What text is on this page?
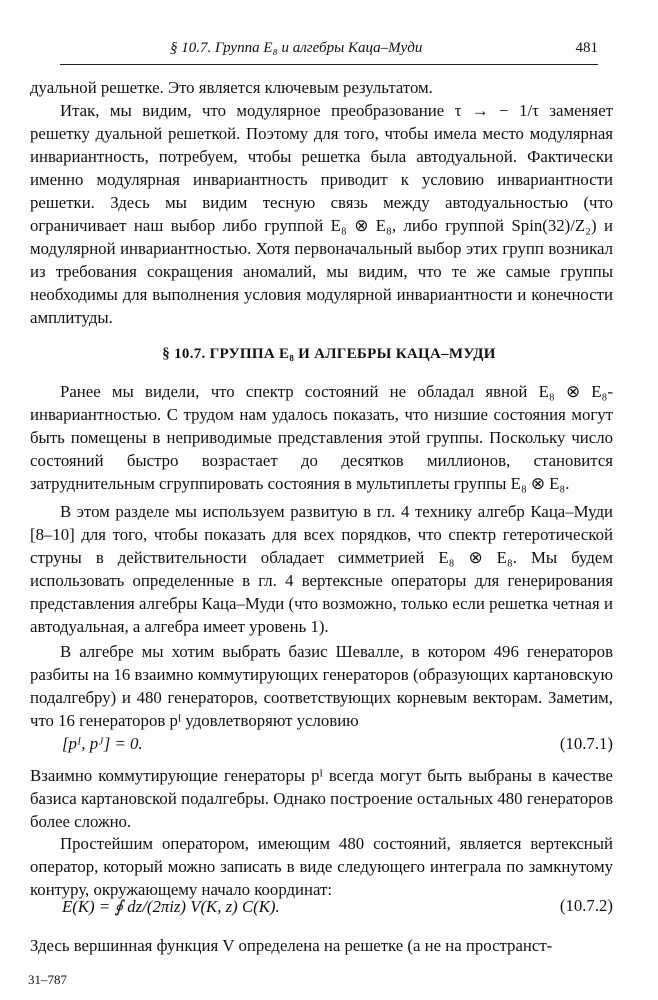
§ 10.7. Группа E₈ и алгебры Каца–Муди	481

дуальной решетке. Это является ключевым результатом.

Итак, мы видим, что модулярное преобразование τ → − 1/τ заменяет решетку дуальной решеткой. Поэтому для того, чтобы имела место модулярная инвариантность, потребуем, чтобы решетка была автодуальной. Фактически именно модулярная инвариантность приводит к условию инвариантности решетки. Здесь мы видим тесную связь между автодуальностью (что ограничивает наш выбор либо группой E₈ ⊗ E₈, либо группой Spin(32)/Z₂) и модулярной инвариантностью. Хотя первоначальный выбор этих групп возникал из требования сокращения аномалий, мы видим, что те же самые группы необходимы для выполнения условия модулярной инвариантности и конечности амплитуды.

§ 10.7. ГРУППА E₈ И АЛГЕБРЫ КАЦА–МУДИ

Ранее мы видели, что спектр состояний не обладал явной E₈ ⊗ E₈-инвариантностью. С трудом нам удалось показать, что низшие состояния могут быть помещены в неприводимые представления этой группы. Поскольку число состояний быстро возрастает до десятков миллионов, становится затруднительным сгруппировать состояния в мультиплеты группы E₈ ⊗ E₈.

В этом разделе мы используем развитую в гл. 4 технику алгебр Каца–Муди [8–10] для того, чтобы показать для всех порядков, что спектр гетеротической струны в действительности обладает симметрией E₈ ⊗ E₈. Мы будем использовать определенные в гл. 4 вертексные операторы для генерирования представления алгебры Каца–Муди (что возможно, только если решетка четная и автодуальная, а алгебра имеет уровень 1).

В алгебре мы хотим выбрать базис Шевалле, в котором 496 генераторов разбиты на 16 взаимно коммутирующих генераторов (образующих картановскую подалгебру) и 480 генераторов, соответствующих корневым векторам. Заметим, что 16 генераторов pᴵ удовлетворяют условию

[pᴵ, pᴶ] = 0.	(10.7.1)

Взаимно коммутирующие генераторы pᴵ всегда могут быть выбраны в качестве базиса картановской подалгебры. Однако построение остальных 480 генераторов более сложно.

Простейшим оператором, имеющим 480 состояний, является вертексный оператор, который можно записать в виде следующего интеграла по замкнутому контуру, окружающему начало координат:

E(K) = ∮ dz/(2πiz) V(K, z) C(K).	(10.7.2)

Здесь вершинная функция V определена на решетке (а не на пространст-

31–787
